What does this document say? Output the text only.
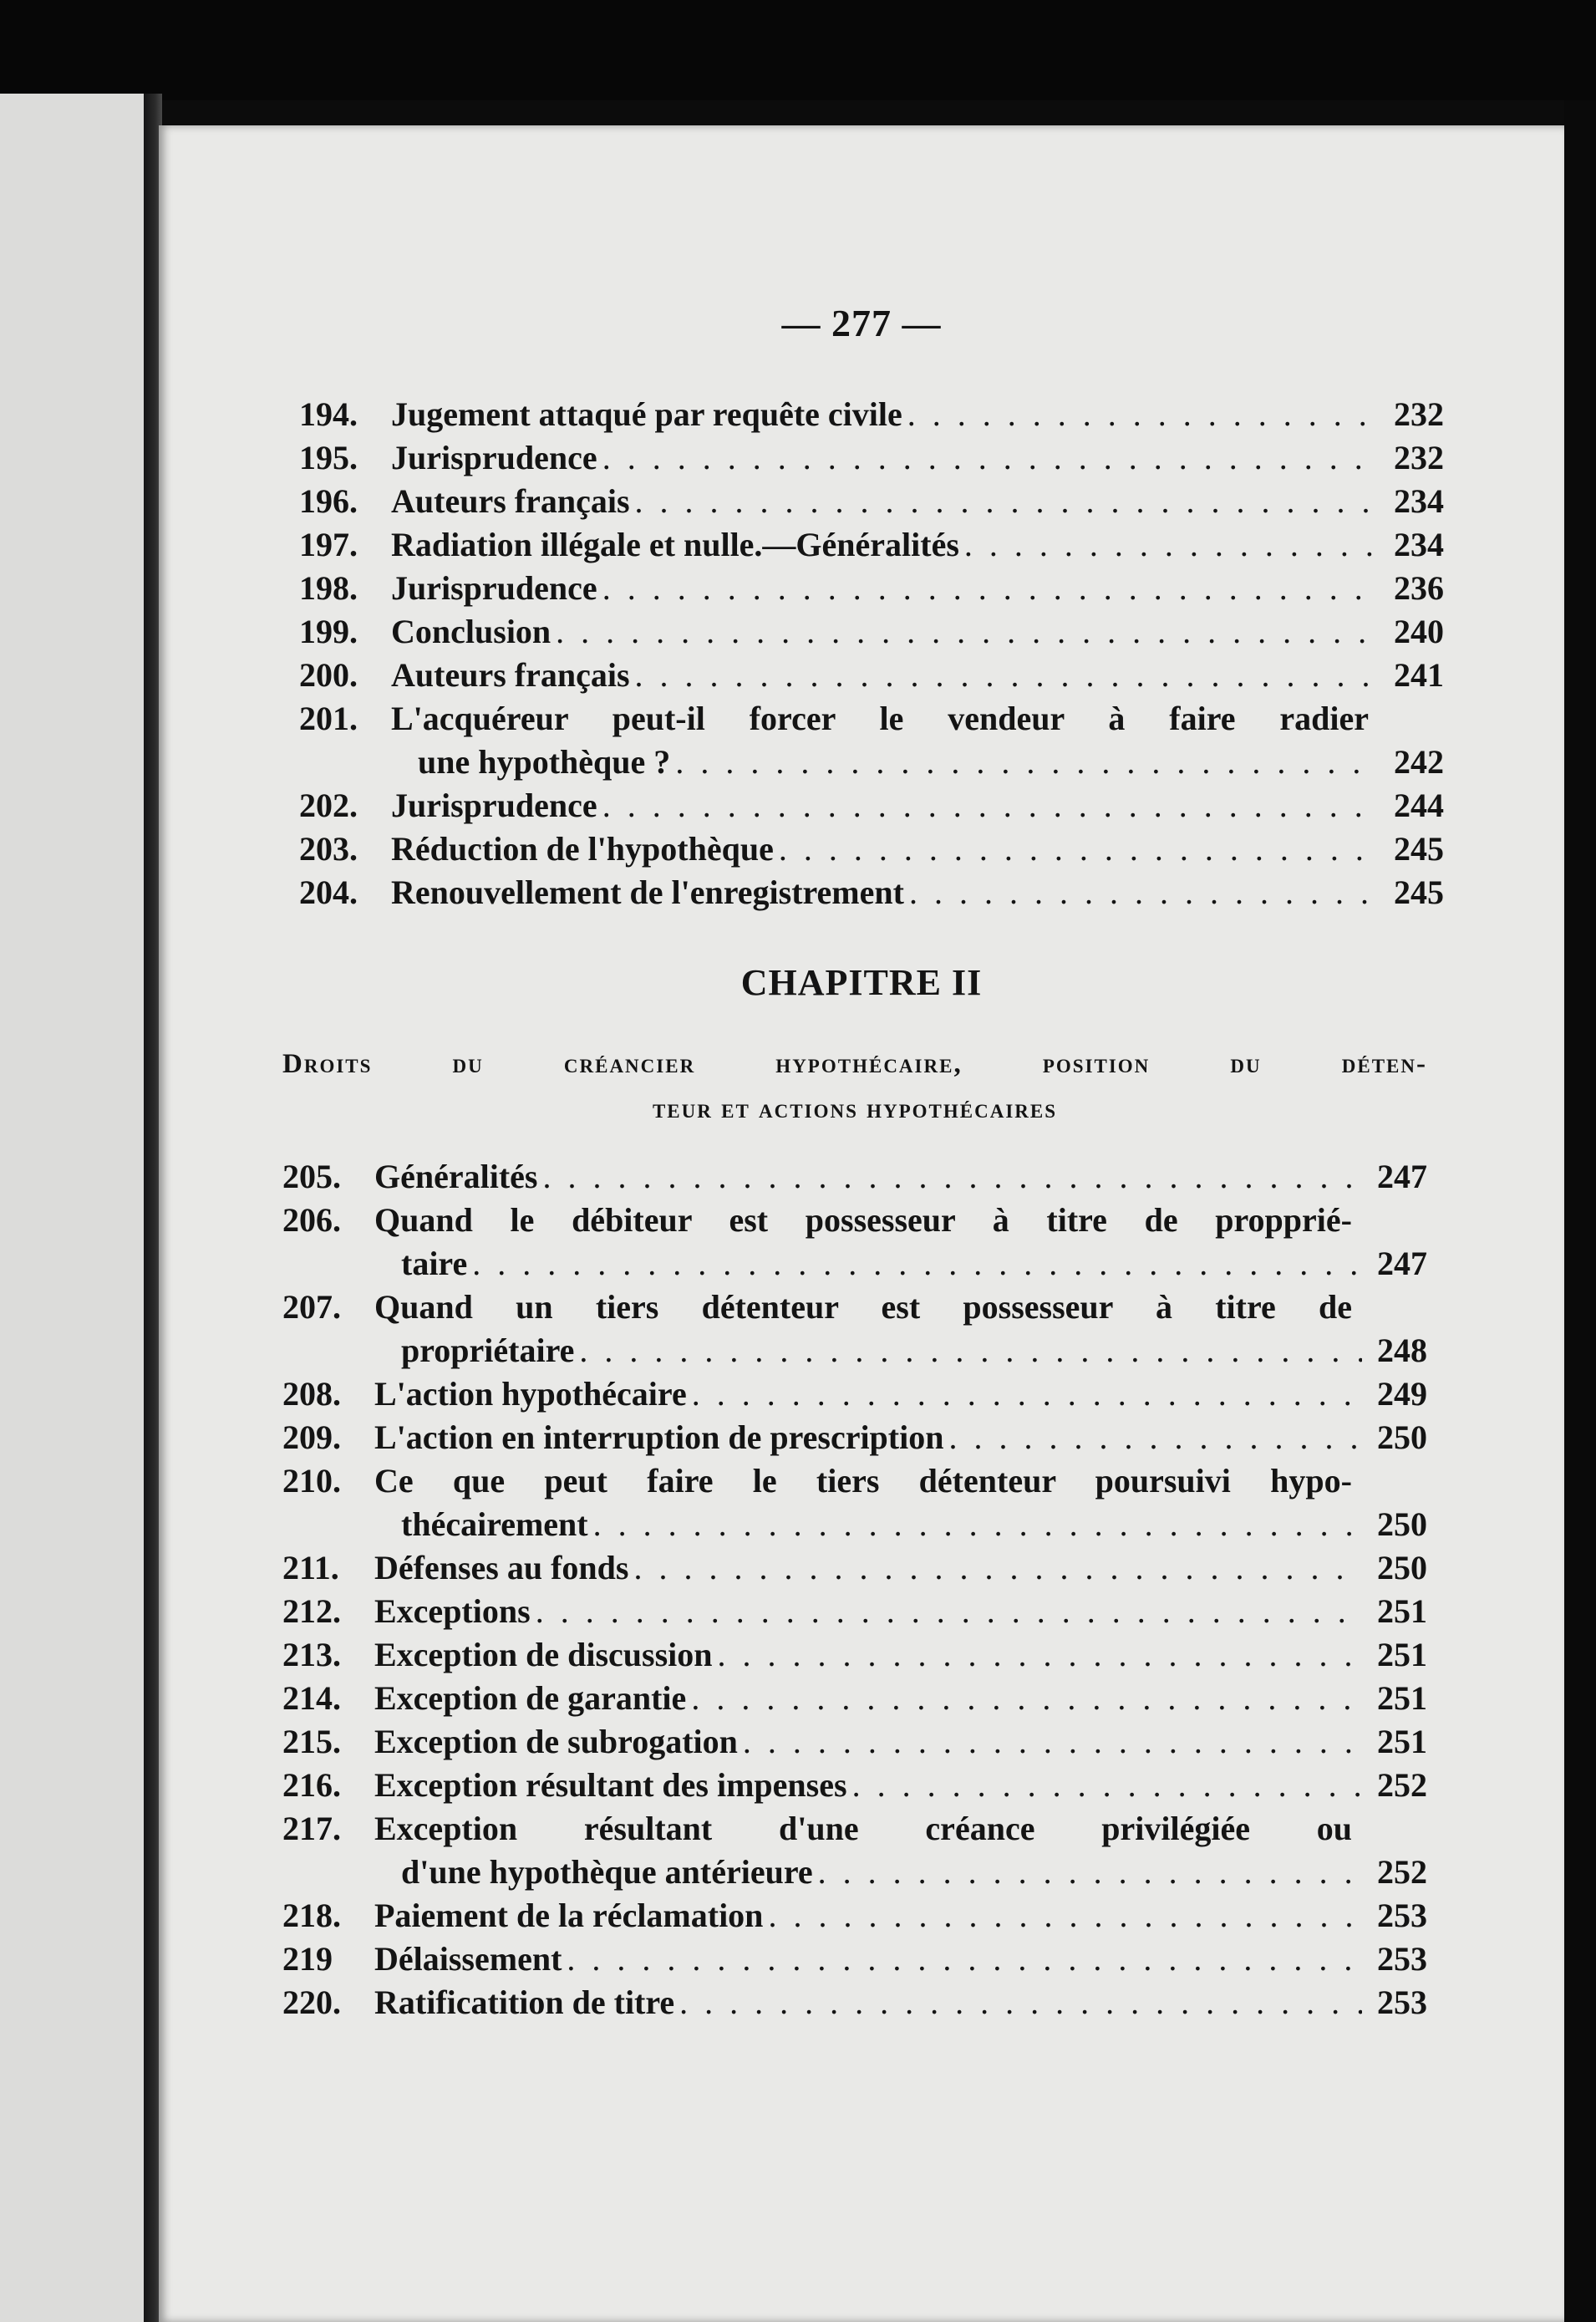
— 277 —
194.	Jugement attaqué par requête civile . . .	232
195.	Jurisprudence . . .	232
196.	Auteurs français . . .	234
197.	Radiation illégale et nulle.—Généralités . . .	234
198.	Jurisprudence . . .	236
199.	Conclusion . . .	240
200.	Auteurs français . . .	241
201.	L'acquéreur peut-il forcer le vendeur à faire radier
une hypothèque ? . . .	242
202.	Jurisprudence . . .	244
203.	Réduction de l'hypothèque . . .	245
204.	Renouvellement de l'enregistrement . . .	245
CHAPITRE II
Droits du créancier hypothécaire, position du déten-
teur et actions hypothécaires
205.	Généralités . . .	247
206.	Quand le débiteur est possesseur à titre de propprié-
taire . . .	247
207.	Quand un tiers détenteur est possesseur à titre de
propriétaire . . .	248
208.	L'action hypothécaire . . .	249
209.	L'action en interruption de prescription . . .	250
210.	Ce que peut faire le tiers détenteur poursuivi hypo-
thécairement . . .	250
211.	Défenses au fonds . . .	250
212.	Exceptions . . .	251
213.	Exception de discussion . . .	251
214.	Exception de garantie . . .	251
215.	Exception de subrogation . . .	251
216.	Exception résultant des impenses . . .	252
217.	Exception résultant d'une créance privilégiée ou
d'une hypothèque antérieure . . .	252
218.	Paiement de la réclamation . . .	253
219	Délaissement . . .	253
220.	Ratificatition de titre . . .	253
